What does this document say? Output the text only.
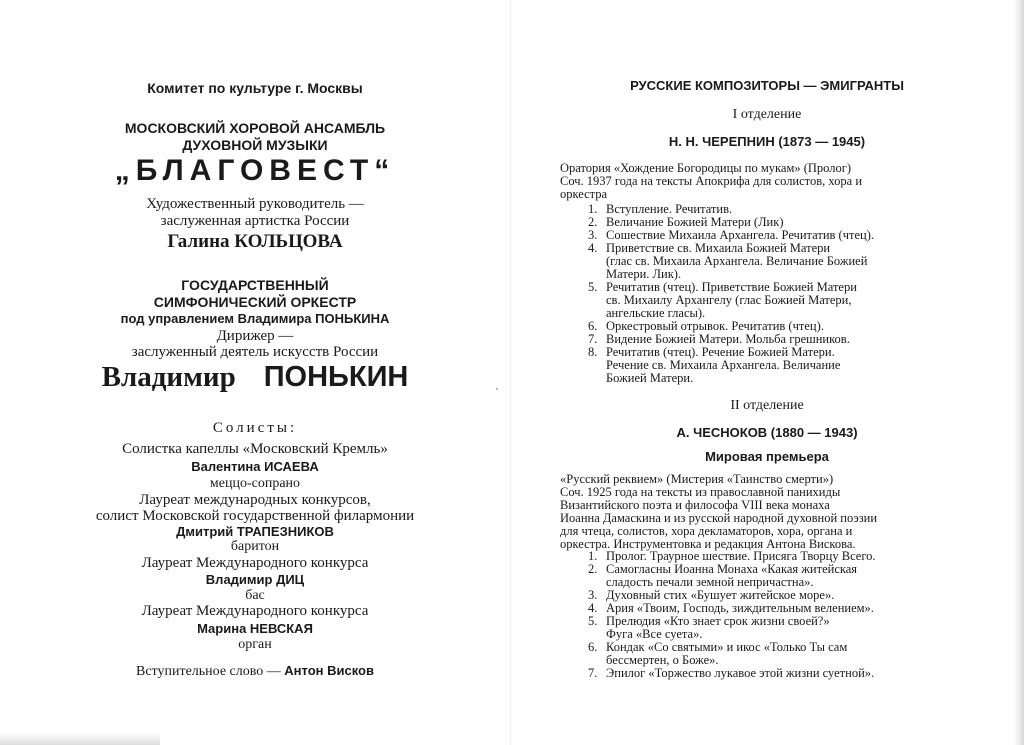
Комитет по культуре г. Москвы
МОСКОВСКИЙ ХОРОВОЙ АНСАМБЛЬ
ДУХОВНОЙ МУЗЫКИ
„БЛАГОВЕСТ“
Художественный руководитель —
заслуженная артистка России
Галина КОЛЬЦОВА
ГОСУДАРСТВЕННЫЙ
СИМФОНИЧЕСКИЙ ОРКЕСТР
под управлением Владимира ПОНЬКИНА
Дирижер —
заслуженный деятель искусств России
Владимир ПОНЬКИН
Солисты:
Солистка капеллы «Московский Кремль»
Валентина ИСАЕВА
меццо-сопрано
Лауреат международных конкурсов,
солист Московской государственной филармонии
Дмитрий ТРАПЕЗНИКОВ
баритон
Лауреат Международного конкурса
Владимир ДИЦ
бас
Лауреат Международного конкурса
Марина НЕВСКАЯ
орган
Вступительное слово — Антон Висков
⸼
РУССКИЕ КОМПОЗИТОРЫ — ЭМИГРАНТЫ
I отделение
Н. Н. ЧЕРЕПНИН (1873 — 1945)
Оратория «Хождение Богородицы по мукам» (Пролог)
Соч. 1937 года на тексты Апокрифа для солистов, хора и
оркестра
1. Вступление. Речитатив.
2. Величание Божией Матери (Лик)
3. Сошествие Михаила Архангела. Речитатив (чтец).
4. Приветствие св. Михаила Божией Матери
(глас св. Михаила Архангела. Величание Божией
Матери. Лик).
5. Речитатив (чтец). Приветствие Божией Матери
св. Михаилу Архангелу (глас Божией Матери,
ангельские гласы).
6. Оркестровый отрывок. Речитатив (чтец).
7. Видение Божией Матери. Мольба грешников.
8. Речитатив (чтец). Речение Божией Матери.
Речение св. Михаила Архангела. Величание
Божией Матери.
II отделение
А. ЧЕСНОКОВ (1880 — 1943)
Мировая премьера
«Русский реквием» (Мистерия «Таинство смерти»)
Соч. 1925 года на тексты из православной панихиды
Византийского поэта и философа VIII века монаха
Иоанна Дамаскина и из русской народной духовной поэзии
для чтеца, солистов, хора декламаторов, хора, органа и
оркестра. Инструментовка и редакция Антона Вискова.
1. Пролог. Траурное шествие. Присяга Творцу Всего.
2. Самогласны Иоанна Монаха «Какая житейская
сладость печали земной непричастна».
3. Духовный стих «Бушует житейское море».
4. Ария «Твоим, Господь, зиждительным велением».
5. Прелюдия «Кто знает срок жизни своей?»
Фуга «Все суета».
6. Кондак «Со святыми» и икос «Только Ты сам
бессмертен, о Боже».
7. Эпилог «Торжество лукавое этой жизни суетной».
